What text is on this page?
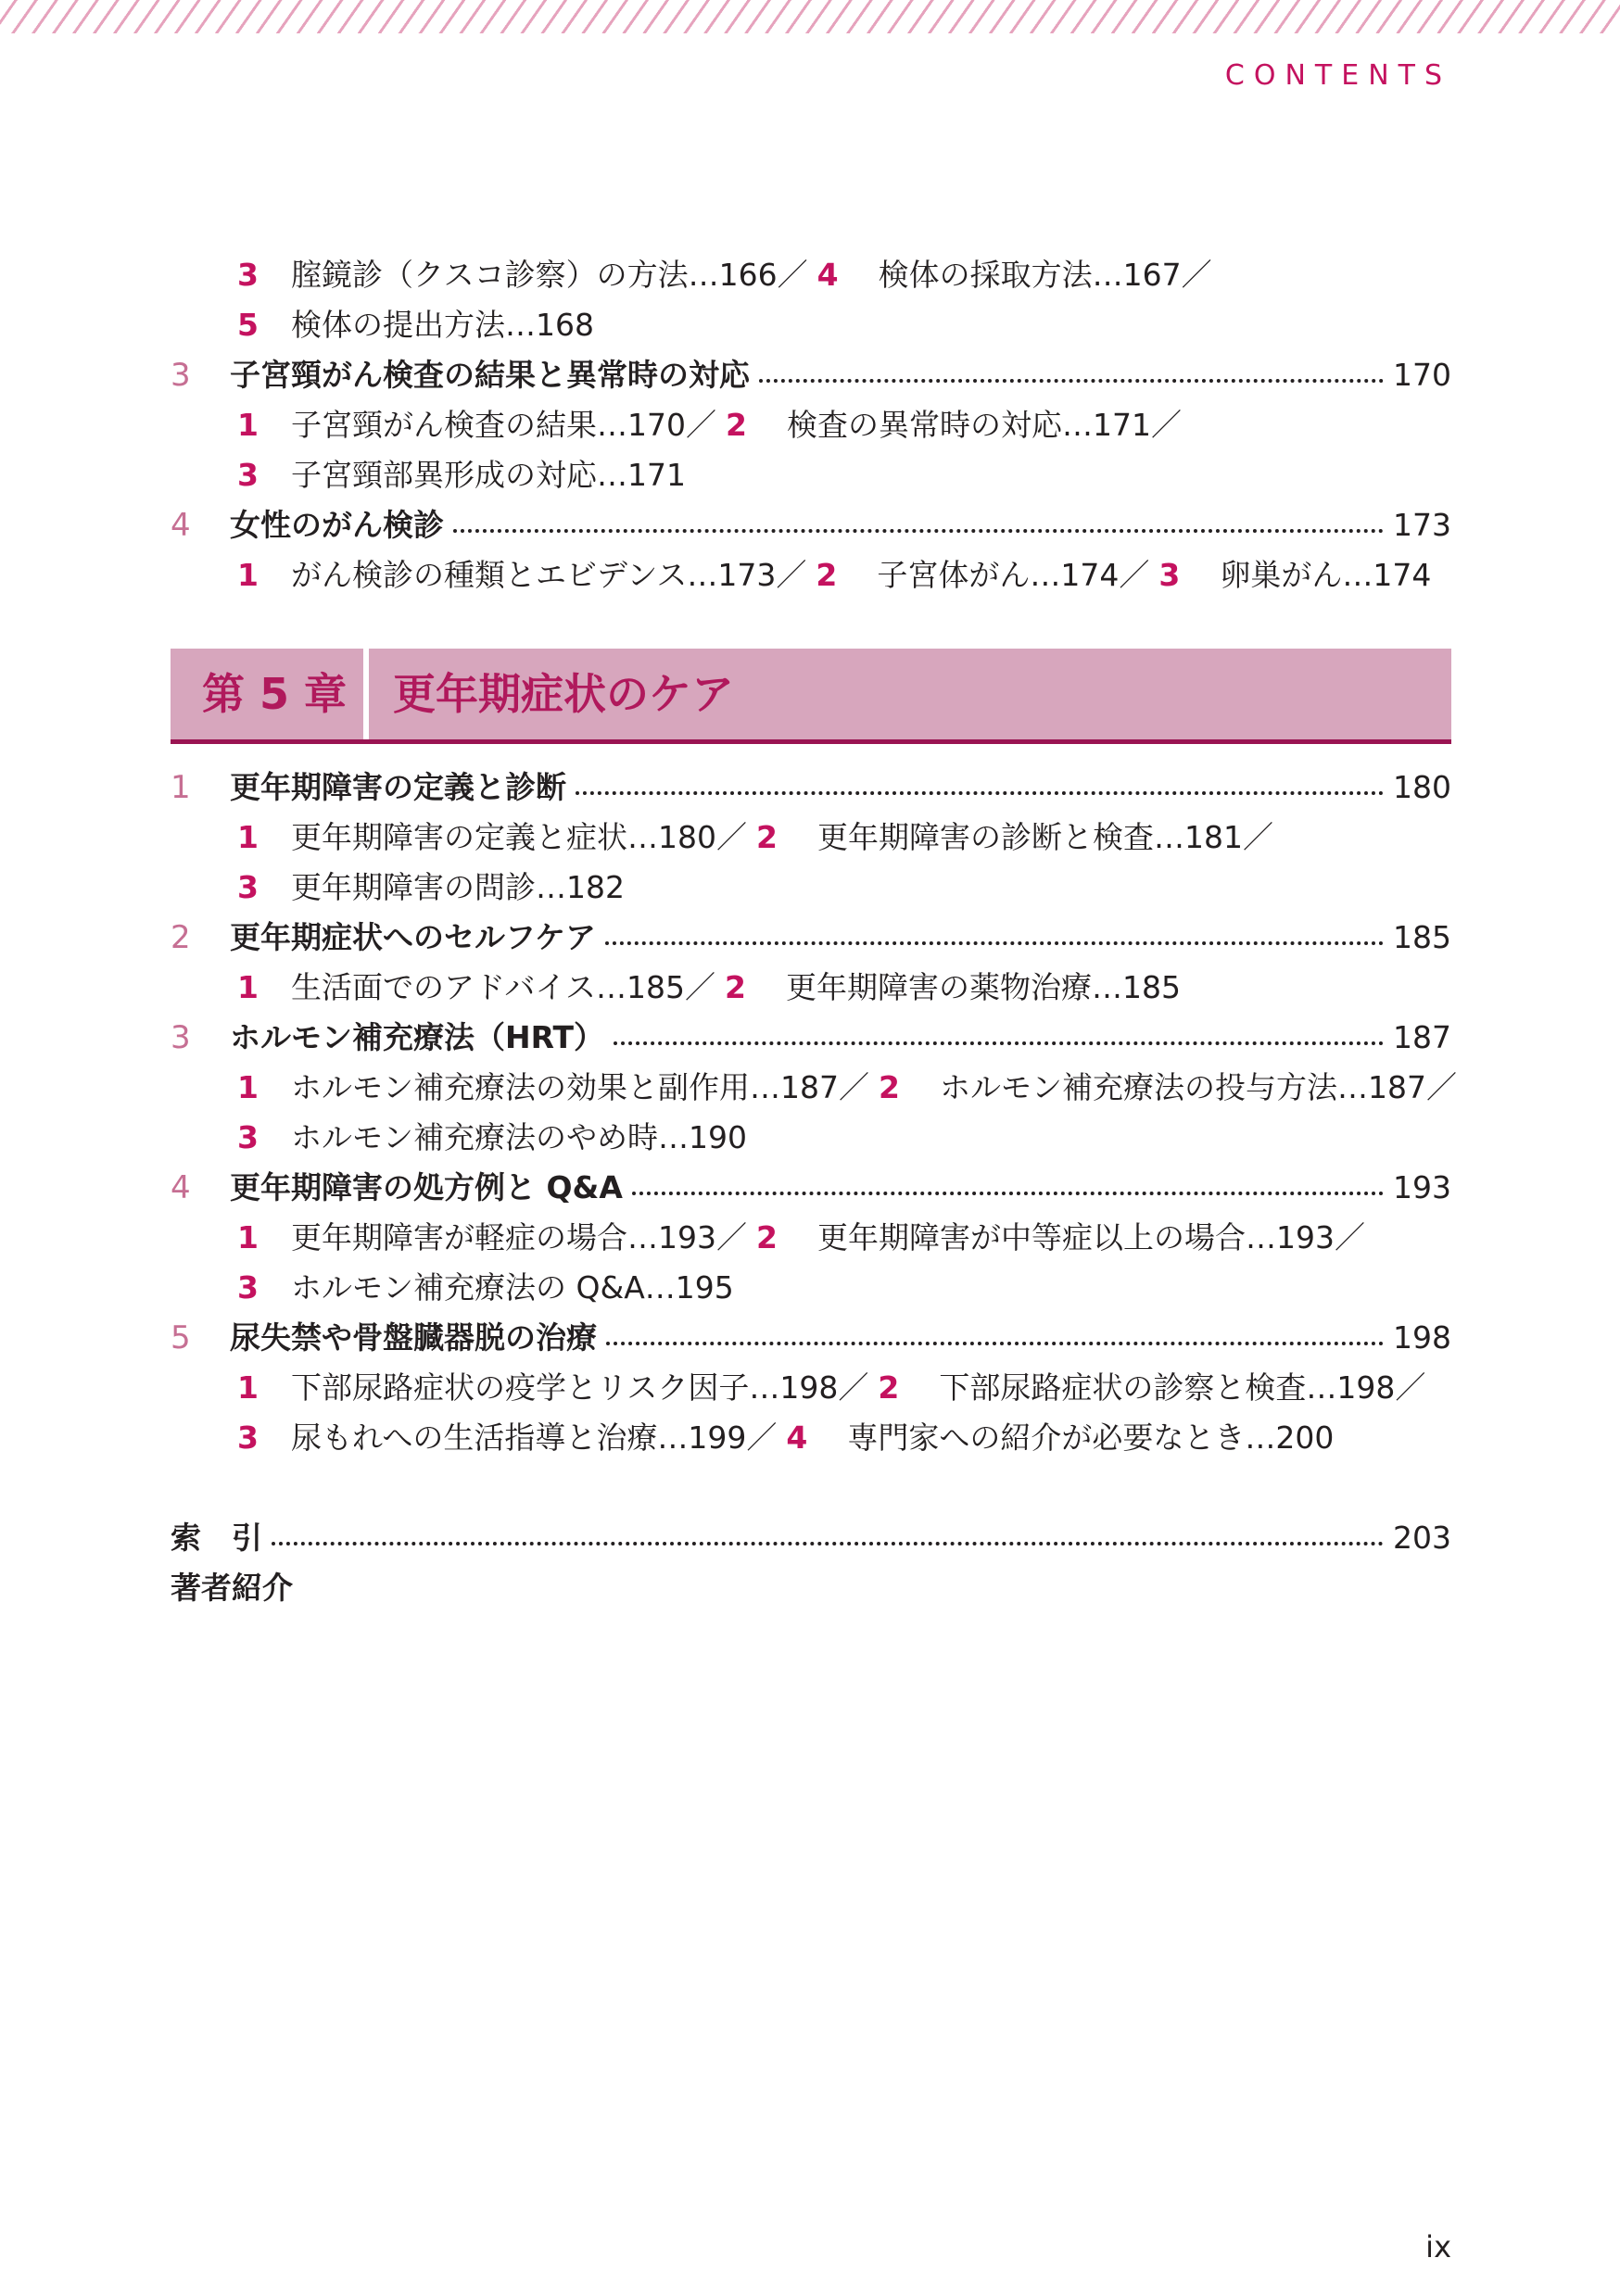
CONTENTS
3 腟鏡診（クスコ診察）の方法…166／ 4 検体の採取方法…167／
5 検体の提出方法…168
3	子宮頸がん検査の結果と異常時の対応	170
1 子宮頸がん検査の結果…170／ 2 検査の異常時の対応…171／
3 子宮頸部異形成の対応…171
4	女性のがん検診	173
1 がん検診の種類とエビデンス…173／ 2 子宮体がん…174／ 3 卵巣がん…174
第 5 章 更年期症状のケア
1	更年期障害の定義と診断	180
1 更年期障害の定義と症状…180／ 2 更年期障害の診断と検査…181／
3 更年期障害の問診…182
2	更年期症状へのセルフケア	185
1 生活面でのアドバイス…185／ 2 更年期障害の薬物治療…185
3	ホルモン補充療法（HRT）	187
1 ホルモン補充療法の効果と副作用…187／ 2 ホルモン補充療法の投与方法…187／
3 ホルモン補充療法のやめ時…190
4	更年期障害の処方例と Q&A	193
1 更年期障害が軽症の場合…193／ 2 更年期障害が中等症以上の場合…193／
3 ホルモン補充療法の Q&A…195
5	尿失禁や骨盤臓器脱の治療	198
1 下部尿路症状の疫学とリスク因子…198／ 2 下部尿路症状の診察と検査…198／
3 尿もれへの生活指導と治療…199／ 4 専門家への紹介が必要なとき…200
索　引	203
著者紹介
ix
